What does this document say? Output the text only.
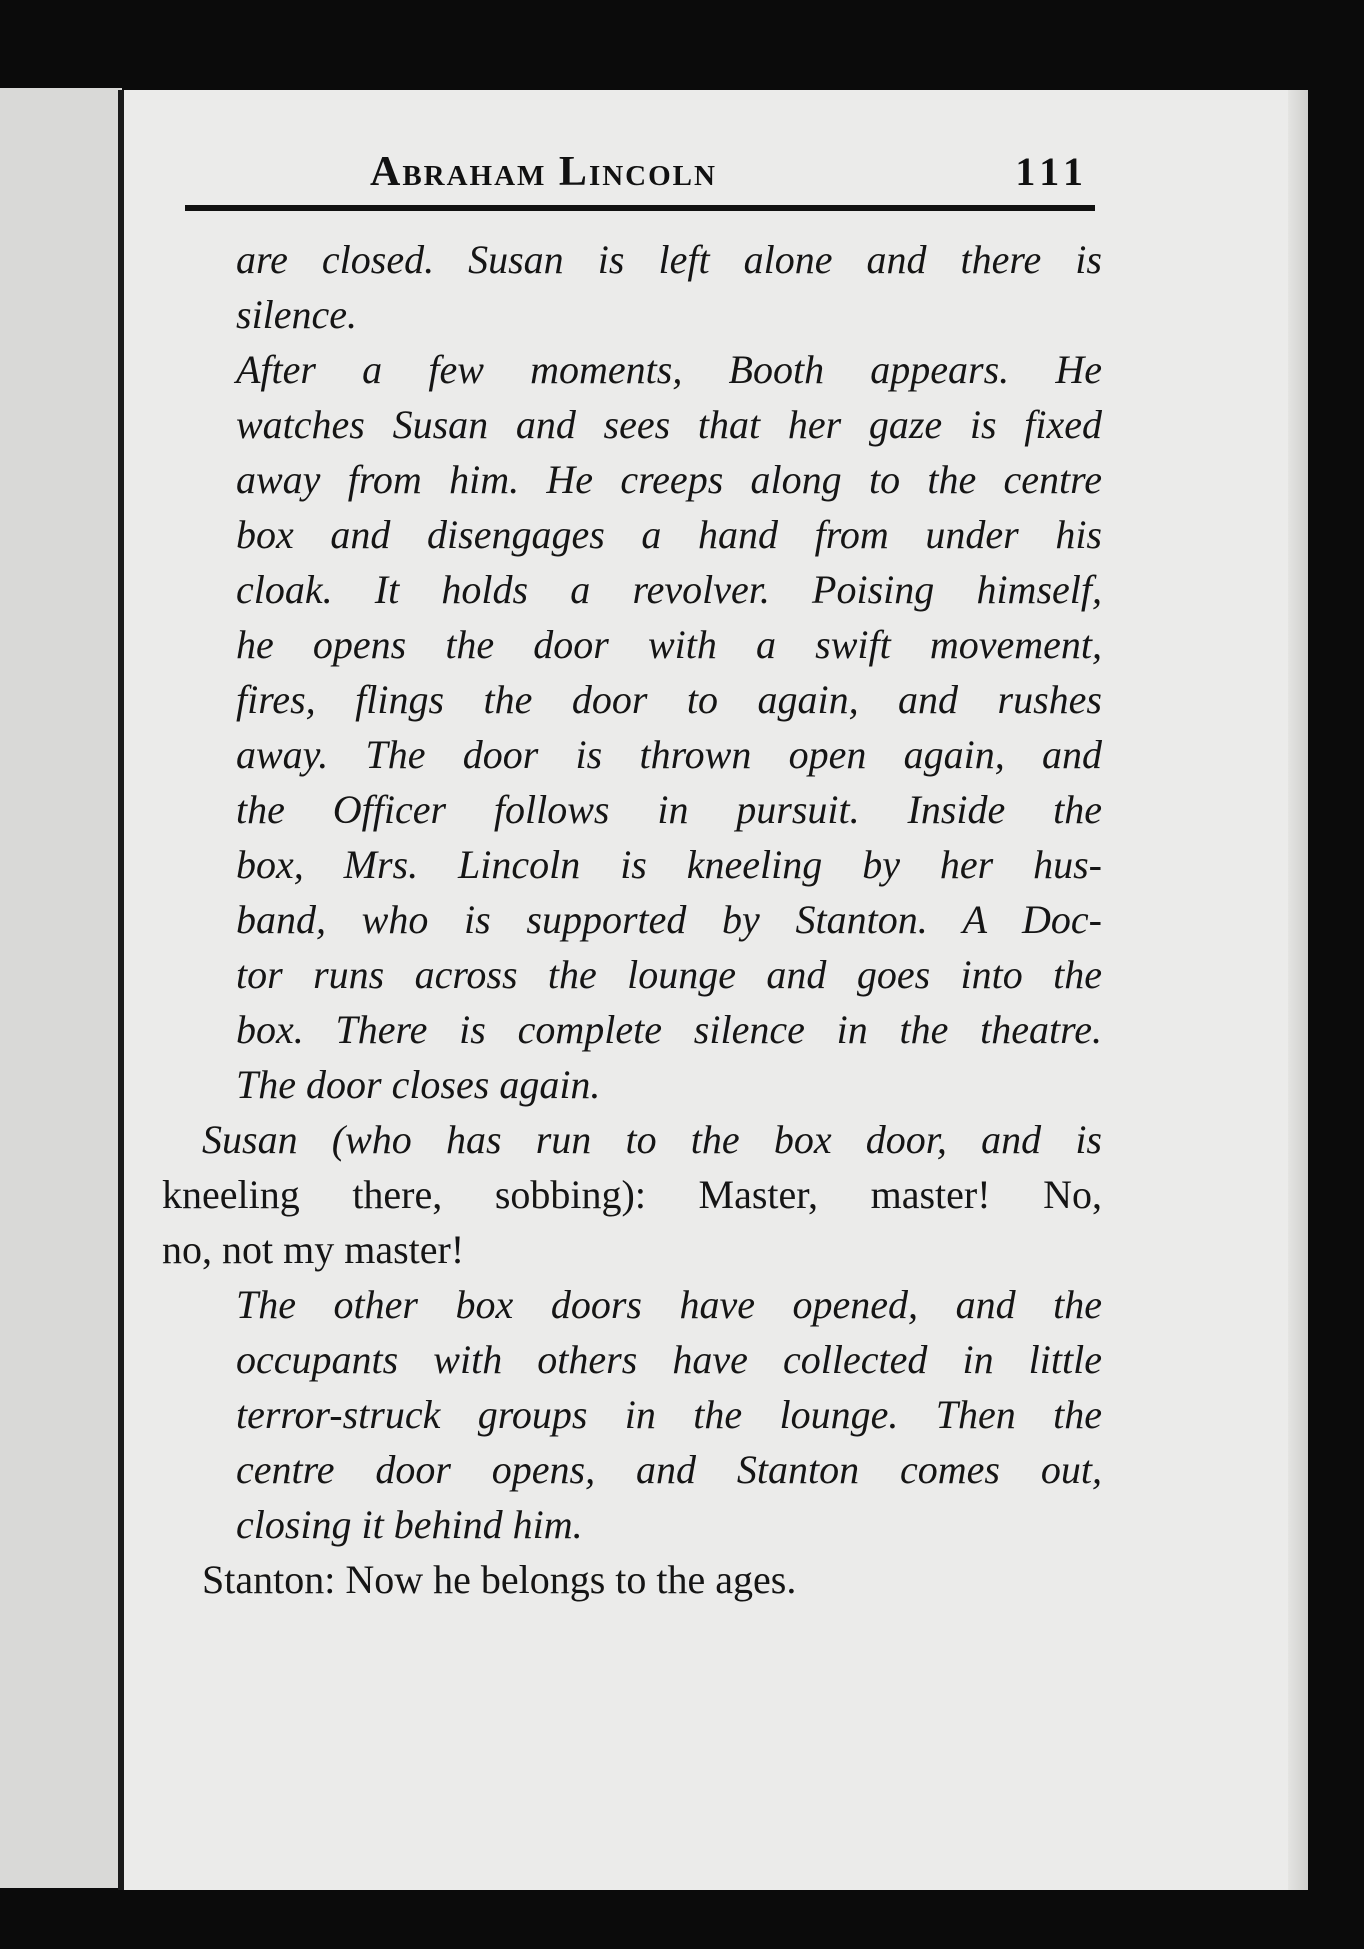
Abraham Lincoln	111
are closed. Susan is left alone and there is
silence.
After a few moments, Booth appears. He
watches Susan and sees that her gaze is fixed
away from him. He creeps along to the centre
box and disengages a hand from under his
cloak. It holds a revolver. Poising himself,
he opens the door with a swift movement,
fires, flings the door to again, and rushes
away. The door is thrown open again, and
the Officer follows in pursuit. Inside the
box, Mrs. Lincoln is kneeling by her hus-
band, who is supported by Stanton. A Doc-
tor runs across the lounge and goes into the
box. There is complete silence in the theatre.
The door closes again.
Susan (who has run to the box door, and is
kneeling there, sobbing): Master, master! No,
no, not my master!
The other box doors have opened, and the
occupants with others have collected in little
terror-struck groups in the lounge. Then the
centre door opens, and Stanton comes out,
closing it behind him.
Stanton: Now he belongs to the ages.
